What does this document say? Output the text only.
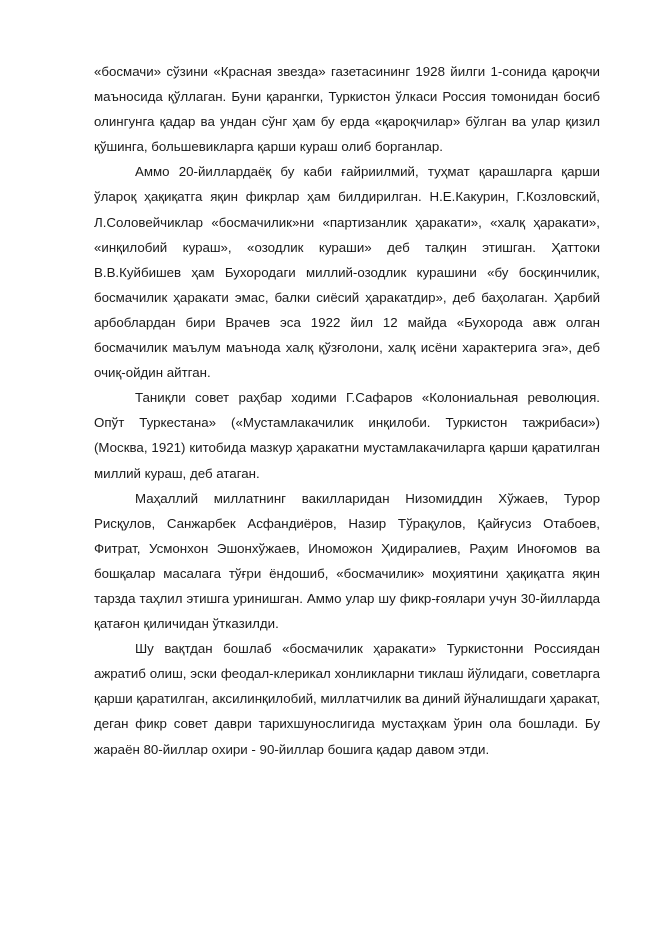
«босмачи» сўзини «Красная звезда» газетасининг 1928 йилги 1-сонида қароқчи маъносида қўллаган. Буни қарангки, Туркистон ўлкаси Россия томонидан босиб олингунга қадар ва ундан сўнг ҳам бу ерда «қароқчилар» бўлган ва улар қизил қўшинга, большевикларга қарши кураш олиб борганлар.

Аммо 20-йиллардаёқ бу каби ғайриилмий, туҳмат қарашларга қарши ўлароқ ҳақиқатга яқин фикрлар ҳам билдирилган. Н.Е.Какурин, Г.Козловский, Л.Соловейчиклар «босмачилик»ни «партизанлик ҳаракати», «халқ ҳаракати», «инқилобий кураш», «озодлик кураши» деб талқин этишган. Ҳаттоки В.В.Куйбишев ҳам Бухородаги миллий-озодлик курашини «бу босқинчилик, босмачилик ҳаракати эмас, балки сиёсий ҳаракатдир», деб баҳолаган. Ҳарбий арбоблардан бири Врачев эса 1922 йил 12 майда «Бухорода авж олган босмачилик маълум маънода халқ қўзғолони, халқ исёни характерига эга», деб очиқ-ойдин айтган.

Таниқли совет раҳбар ходими Г.Сафаров «Колониальная революция. Опўт Туркестана» («Мустамлакачилик инқилоби. Туркистон тажрибаси») (Москва, 1921) китобида мазкур ҳаракатни мустамлакачиларга қарши қаратилган миллий кураш, деб атаган.

Маҳаллий миллатнинг вакилларидан Низомиддин Хўжаев, Турор Рисқулов, Санжарбек Асфандиёров, Назир Тўрақулов, Қайғусиз Отабоев, Фитрат, Усмонхон Эшонхўжаев, Иноможон Ҳидиралиев, Раҳим Иноғомов ва бошқалар масалага тўғри ёндошиб, «босмачилик» моҳиятини ҳақиқатга яқин тарзда таҳлил этишга уринишган. Аммо улар шу фикр-ғоялари учун 30-йилларда қатағон қиличидан ўтказилди.

Шу вақтдан бошлаб «босмачилик ҳаракати» Туркистонни Россиядан ажратиб олиш, эски феодал-клерикал хонликларни тиклаш йўлидаги, советларга қарши қаратилган, аксилинқилобий, миллатчилик ва диний йўналишдаги ҳаракат, деган фикр совет даври тарихшунослигида мустаҳкам ўрин ола бошлади. Бу жараён 80-йиллар охири - 90-йиллар бошига қадар давом этди.
